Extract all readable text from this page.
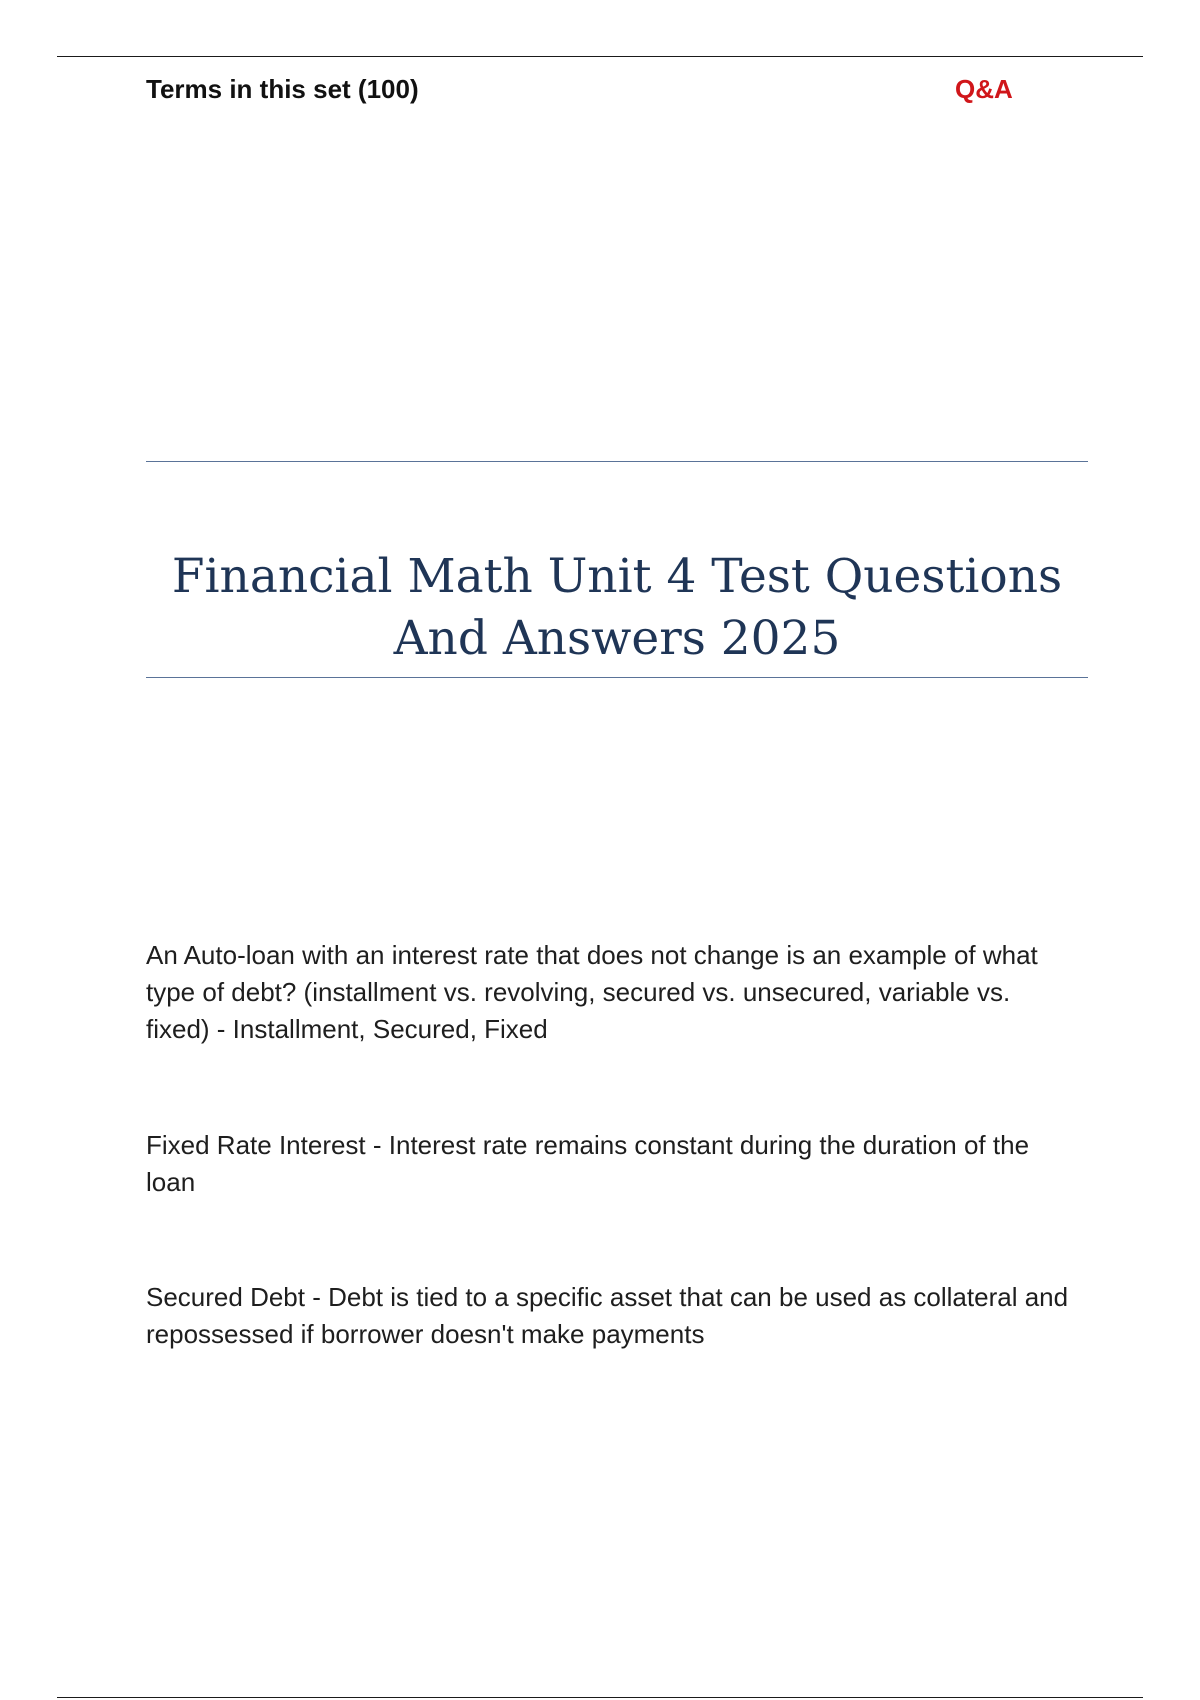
Terms in this set (100)	Q&A
Financial Math Unit 4 Test Questions And Answers 2025

An Auto-loan with an interest rate that does not change is an example of what type of debt? (installment vs. revolving, secured vs. unsecured, variable vs. fixed) - Installment, Secured, Fixed

Fixed Rate Interest - Interest rate remains constant during the duration of the loan

Secured Debt - Debt is tied to a specific asset that can be used as collateral and repossessed if borrower doesn't make payments
